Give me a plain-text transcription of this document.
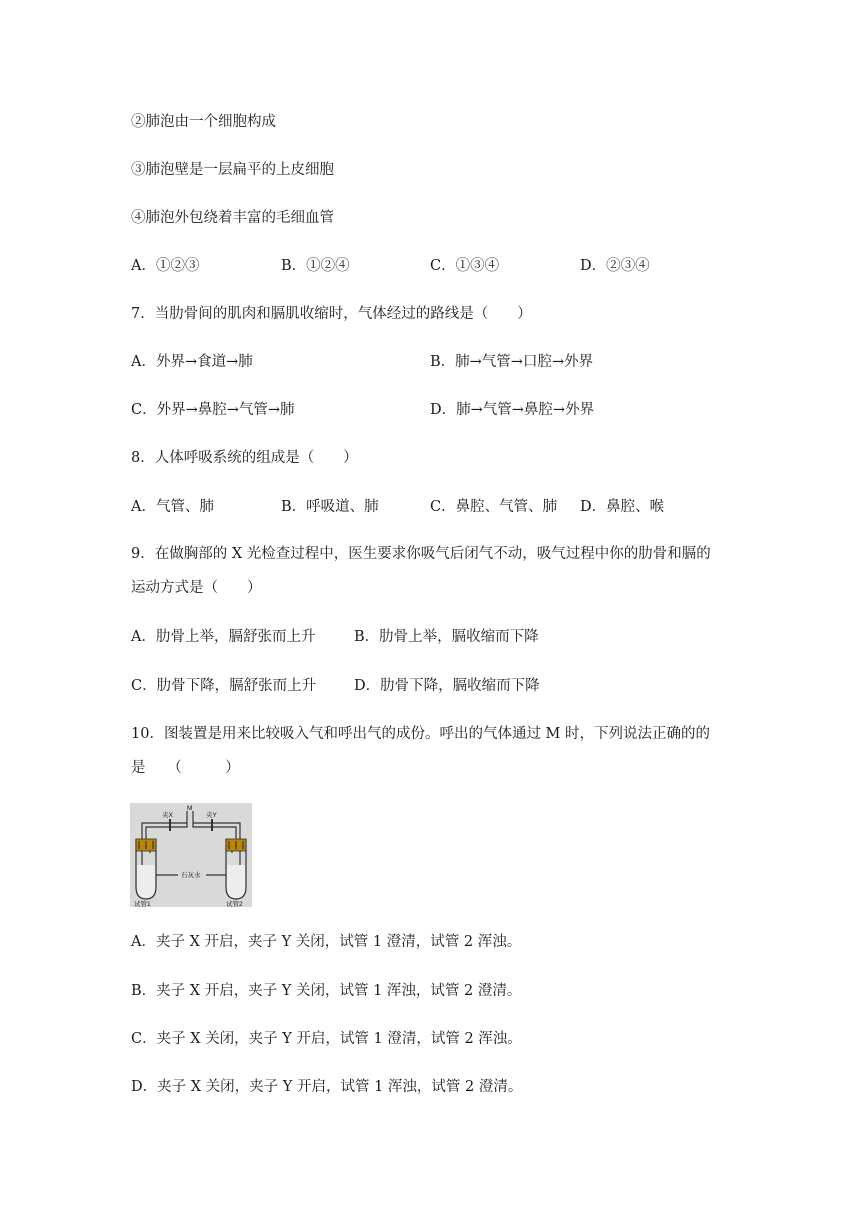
②肺泡由一个细胞构成
③肺泡壁是一层扁平的上皮细胞
④肺泡外包绕着丰富的毛细血管
A．①②③	B．①②④	C．①③④	D．②③④
7．当肋骨间的肌肉和膈肌收缩时，气体经过的路线是（　　）
A．外界→食道→肺	B．肺→气管→口腔→外界
C．外界→鼻腔→气管→肺	D．肺→气管→鼻腔→外界
8．人体呼吸系统的组成是（　　）
A．气管、肺	B．呼吸道、肺	C．鼻腔、气管、肺 D．鼻腔、喉
9．在做胸部的 X 光检查过程中，医生要求你吸气后闭气不动，吸气过程中你的肋骨和膈的
运动方式是（　　）
A．肋骨上举，膈舒张而上升	B．肋骨上举，膈收缩而下降
C．肋骨下降，膈舒张而上升	D．肋骨下降，膈收缩而下降
10．图装置是用来比较吸入气和呼出气的成份。呼出的气体通过 M 时，下列说法正确的的
是　　（　　　）
M
夹X	夹Y
石灰水
试管1	试管2
A．夹子 X 开启，夹子 Y 关闭，试管 1 澄清，试管 2 浑浊。
B．夹子 X 开启，夹子 Y 关闭，试管 1 浑浊，试管 2 澄清。
C．夹子 X 关闭，夹子 Y 开启，试管 1 澄清，试管 2 浑浊。
D．夹子 X 关闭，夹子 Y 开启，试管 1 浑浊，试管 2 澄清。
